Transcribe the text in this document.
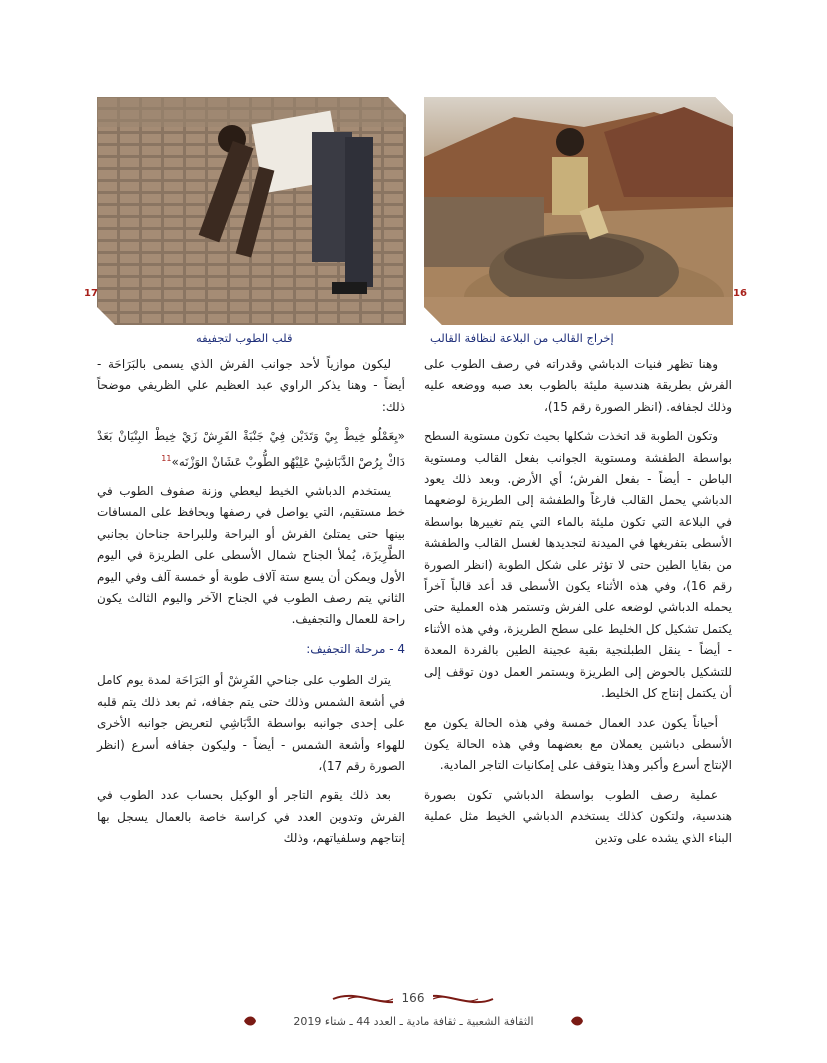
16
إخراج القالب من البلاعة لنظافة القالب
17
قلب الطوب لتجفيفه

وهنا تظهر فنيات الدباشي وقدراته في رصف الطوب على الفرش بطريقة هندسية مليئة بالطوب بعد صبه ووضعه عليه وذلك لجفافه. (انظر الصورة رقم 15)،

وتكون الطوبة قد اتخذت شكلها بحيث تكون مستوية السطح بواسطة الطفشة ومستوية الجوانب بفعل القالب ومستوية الباطن - أيضاً - بفعل الفرش؛ أي الأرض. وبعد ذلك يعود الدباشي يحمل القالب فارغاً والطفشة إلى الطريزة لوضعهما في البلاعة التي تكون مليئة بالماء التي يتم تغييرها بواسطة الأسطى بتفريغها في الميدنة لتجديدها لغسل القالب والطفشة من بقايا الطين حتى لا تؤثر على شكل الطوبة (انظر الصورة رقم 16)، وفي هذه الأثناء يكون الأسطى قد أعد قالباً آخراً يحمله الدباشي لوضعه على الفرش وتستمر هذه العملية حتى يكتمل تشكيل كل الخليط على سطح الطريزة، وفي هذه الأثناء - أيضاً - ينقل الطبلنجية بقية عجينة الطين بالفردة المعدة للتشكيل بالحوض إلى الطريزة ويستمر العمل دون توقف إلى أن يكتمل إنتاج كل الخليط.

أحياناً يكون عدد العمال خمسة وفي هذه الحالة يكون مع الأسطى دباشين يعملان مع بعضهما وفي هذه الحالة يكون الإنتاج أسرع وأكبر وهذا يتوقف على إمكانيات التاجر المادية.

عملية رصف الطوب بواسطة الدباشي تكون بصورة هندسية، ولتكون كذلك يستخدم الدباشي الخيط مثل عملية البناء الذي يشده على وتدين

ليكون موازياً لأحد جوانب الفرش الذي يسمى بالبَرَاحَة - أيضاً - وهنا يذكر الراوي عبد العظيم علي الظريفي موضحاً ذلك:

«يِعَمْلُو خِيطْ بِيْ وَتَدَيْن فِيْ جَنْبَةْ الفَرِشْ زَيْ خِيطْ البِنْيَانْ بَعَدْ دَاكْ بِرُصْ الدَّبَاشِيْ عَلِيْهُو الطُّوبْ عَشَانْ الوَزْنَه»$^{11}$

يستخدم الدباشي الخيط ليعطي وزنة صفوف الطوب في خط مستقيم، التي يواصل في رصفها ويحافظ على المسافات بينها حتى يمتلئ الفرش أو البراحة وللبراحة جناحان بجانبي الطَّرِيزَة، يُملأ الجناح شمال الأسطى على الطريزة في اليوم الأول ويمكن أن يسع ستة آلاف طوبة أو خمسة آلف وفي اليوم الثاني يتم رصف الطوب في الجناح الآخر واليوم الثالث يكون راحة للعمال والتجفيف.

4 - مرحلة التجفيف:

يترك الطوب على جناحي الفَرِشْ أو البَرَاحَة لمدة يوم كامل في أشعة الشمس وذلك حتى يتم جفافه، ثم بعد ذلك يتم قلبه على إحدى جوانبه بواسطة الدَّبَاشِي لتعريض جوانبه الأخرى للهواء وأشعة الشمس - أيضاً - وليكون جفافه أسرع (انظر الصورة رقم 17)،

بعد ذلك يقوم التاجر أو الوكيل بحساب عدد الطوب في الفرش وتدوين العدد في كراسة خاصة بالعمال يسجل بها إنتاجهم وسلفياتهم، وذلك

166
الثقافة الشعبية ـ ثقافة مادية ـ العدد 44 ـ شتاء 2019
